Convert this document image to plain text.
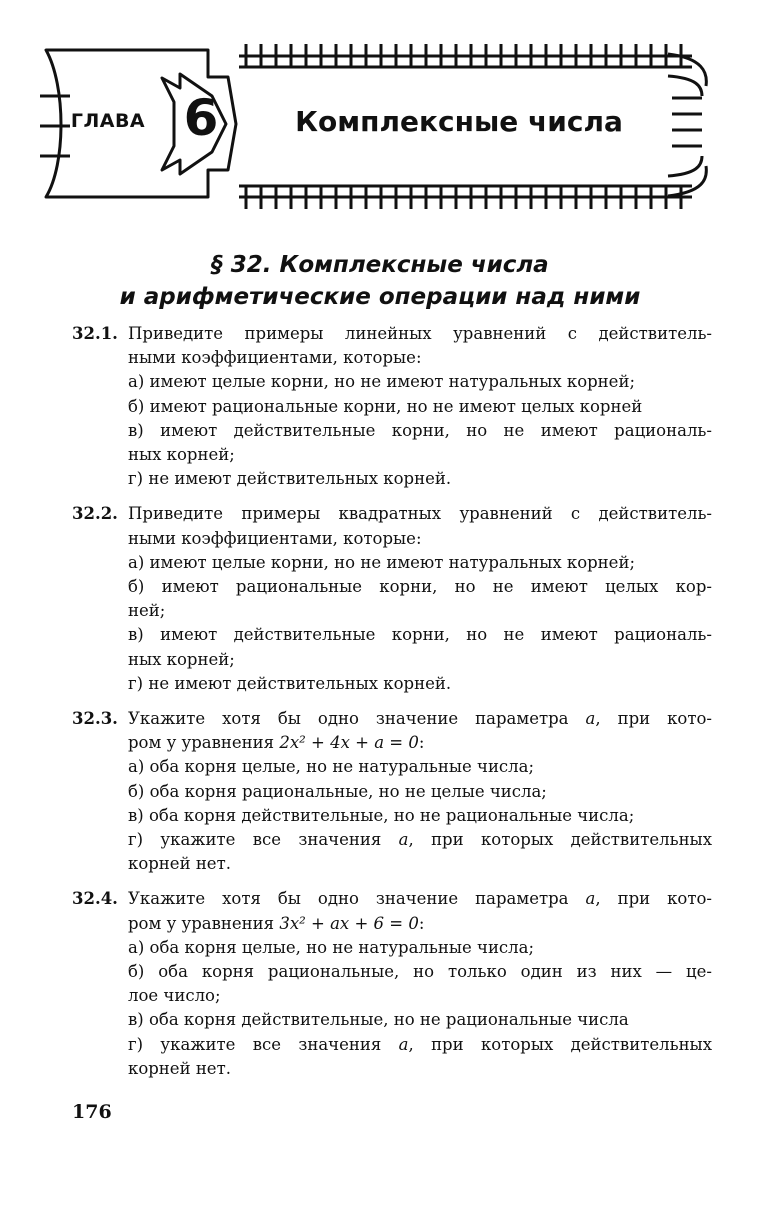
ГЛАВА 6	Комплексные числа
§ 32. Комплексные числа
и арифметические операции над ними
32.1. Приведите примеры линейных уравнений с действитель-
ными коэффициентами, которые:
а) имеют целые корни, но не имеют натуральных корней;
б) имеют рациональные корни, но не имеют целых корней
в) имеют действительные корни, но не имеют рациональ-
ных корней;
г) не имеют действительных корней.
32.2. Приведите примеры квадратных уравнений с действитель-
ными коэффициентами, которые:
а) имеют целые корни, но не имеют натуральных корней;
б) имеют рациональные корни, но не имеют целых кор-
ней;
в) имеют действительные корни, но не имеют рациональ-
ных корней;
г) не имеют действительных корней.
32.3. Укажите хотя бы одно значение параметра a, при кото-
ром у уравнения 2x² + 4x + a = 0:
а) оба корня целые, но не натуральные числа;
б) оба корня рациональные, но не целые числа;
в) оба корня действительные, но не рациональные числа;
г) укажите все значения a, при которых действительных
корней нет.
32.4. Укажите хотя бы одно значение параметра a, при кото-
ром у уравнения 3x² + ax + 6 = 0:
а) оба корня целые, но не натуральные числа;
б) оба корня рациональные, но только один из них — це-
лое число;
в) оба корня действительные, но не рациональные числа
г) укажите все значения a, при которых действительных
корней нет.
176
